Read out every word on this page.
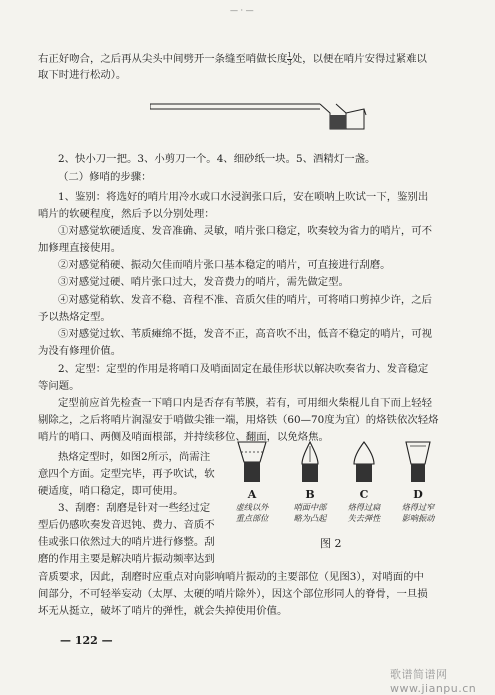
— · —
右正好吻合，之后再从尖头中间劈开一条缝至哨做长度 $\frac{1}{3}$ 处，以便在哨片安得过紧难以
取下时进行松动）。
2、快小刀一把。3、小剪刀一个。4、细砂纸一块。5、酒精灯一盏。
（二）修哨的步骤：
1、鉴别：将选好的哨片用冷水或口水浸润张口后，安在唢呐上吹试一下，鉴别出
哨片的软硬程度，然后予以分别处理：
①对感觉软硬适度、发音准确、灵敏，哨片张口稳定，吹奏较为省力的哨片，可不
加修理直接使用。
②对感觉稍硬、振动欠佳而哨片张口基本稳定的哨片，可直接进行刮磨。
③对感觉过硬、哨片张口过大，发音费力的哨片，需先做定型。
④对感觉稍软、发音不稳、音程不准、音质欠佳的哨片，可将哨口剪掉少许，之后
予以热烙定型。
⑤对感觉过软、苇质瘫绵不挺，发音不正，高音吹不出，低音不稳定的哨片，可视
为没有修理价值。
2、定型：定型的作用是将哨口及哨面固定在最佳形状以解决吹奏省力、发音稳定
等问题。
定型前应首先检查一下哨口内是否存有苇膜，若有，可用细火柴棍儿自下而上轻轻
剔除之，之后将哨片润湿安于哨做尖锥一端，用烙铁（60—70度为宜）的烙铁依次轻烙
哨片的哨口、两侧及哨面根部，并持续移位、翻面，以免烙焦。
热烙定型时，如图2所示，尚需注
意四个方面。定型完毕，再予吹试，软
硬适度，哨口稳定，即可使用。
3、刮磨：刮磨是针对一些经过定
型后仍感吹奏发音迟钝、费力、音质不
佳或张口依然过大的哨片进行修整。刮
磨的作用主要是解决哨片振动频率达到
A	B	C	D
虚线以外
重点部位
哨面中部
略为凸起
烙得过扁
失去弹性
烙得过窄
影响振动
图 2
音质要求，因此，刮磨时应重点对向影响哨片振动的主要部位（见图3），对哨面的中
间部分，不可轻举妄动（太厚、太硬的哨片除外），因这个部位形同人的脊骨，一旦损
坏无从挺立，破坏了哨片的弹性，就会失掉使用价值。
— 122 —
歌谱简谱网 www.jianpu.cn
